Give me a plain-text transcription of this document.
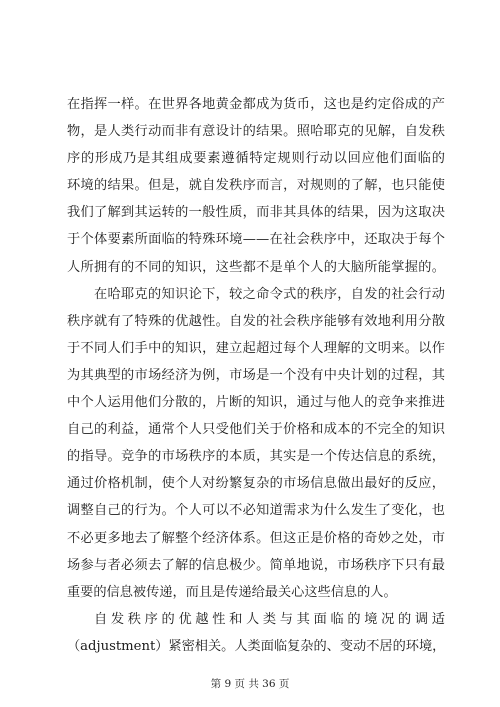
在指挥一样。在世界各地黄金都成为货币，这也是约定俗成的产
物，是人类行动而非有意设计的结果。照哈耶克的见解，自发秩
序的形成乃是其组成要素遵循特定规则行动以回应他们面临的
环境的结果。但是，就自发秩序而言，对规则的了解，也只能使
我们了解到其运转的一般性质，而非其具体的结果，因为这取决
于个体要素所面临的特殊环境——在社会秩序中，还取决于每个
人所拥有的不同的知识，这些都不是单个人的大脑所能掌握的。
在哈耶克的知识论下，较之命令式的秩序，自发的社会行动
秩序就有了特殊的优越性。自发的社会秩序能够有效地利用分散
于不同人们手中的知识，建立起超过每个人理解的文明来。以作
为其典型的市场经济为例，市场是一个没有中央计划的过程，其
中个人运用他们分散的，片断的知识，通过与他人的竞争来推进
自己的利益，通常个人只受他们关于价格和成本的不完全的知识
的指导。竞争的市场秩序的本质，其实是一个传达信息的系统，
通过价格机制，使个人对纷繁复杂的市场信息做出最好的反应，
调整自己的行为。个人可以不必知道需求为什么发生了变化，也
不必更多地去了解整个经济体系。但这正是价格的奇妙之处，市
场参与者必须去了解的信息极少。简单地说，市场秩序下只有最
重要的信息被传递，而且是传递给最关心这些信息的人。
自发秩序的优越性和人类与其面临的境况的调适
（adjustment）紧密相关。人类面临复杂的、变动不居的环境，
第 9 页 共 36 页
